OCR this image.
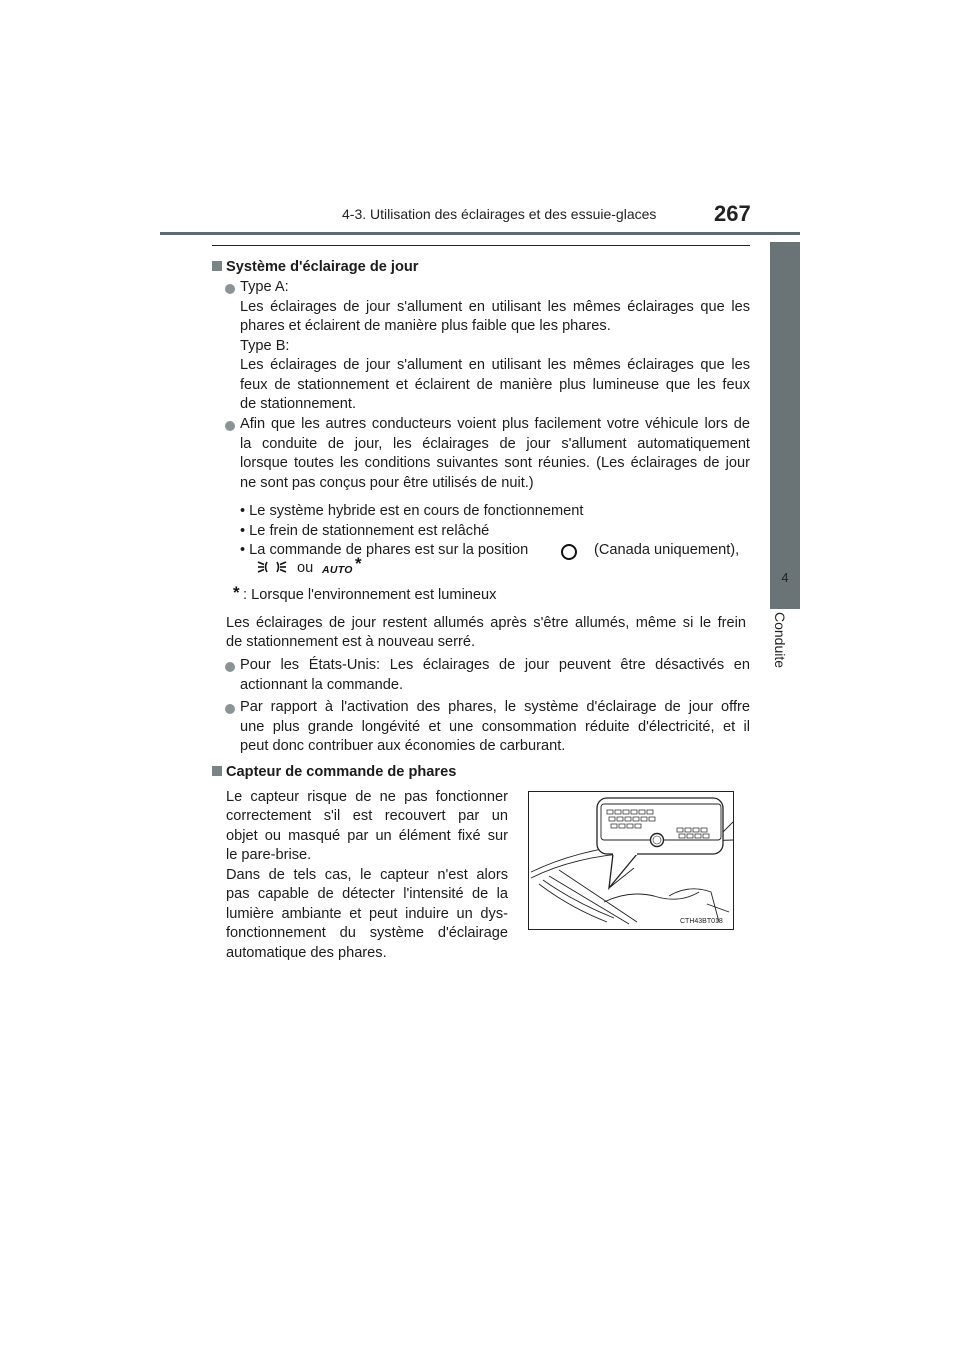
4-3. Utilisation des éclairages et des essuie-glaces	267
4
Conduite
Système d'éclairage de jour
Type A:
Les éclairages de jour s'allument en utilisant les mêmes éclairages que les
phares et éclairent de manière plus faible que les phares.
Type B:
Les éclairages de jour s'allument en utilisant les mêmes éclairages que les
feux de stationnement et éclairent de manière plus lumineuse que les feux
de stationnement.
Afin que les autres conducteurs voient plus facilement votre véhicule lors de
la conduite de jour, les éclairages de jour s'allument automatiquement
lorsque toutes les conditions suivantes sont réunies. (Les éclairages de jour
ne sont pas conçus pour être utilisés de nuit.)
• Le système hybride est en cours de fonctionnement
• Le frein de stationnement est relâché
• La commande de phares est sur la position	(Canada uniquement),
ou AUTO *
* : Lorsque l'environnement est lumineux
Les éclairages de jour restent allumés après s'être allumés, même si le frein
de stationnement est à nouveau serré.
Pour les États-Unis: Les éclairages de jour peuvent être désactivés en
actionnant la commande.
Par rapport à l'activation des phares, le système d'éclairage de jour offre
une plus grande longévité et une consommation réduite d'électricité, et il
peut donc contribuer aux économies de carburant.
Capteur de commande de phares
Le capteur risque de ne pas fonctionner
correctement s'il est recouvert par un
objet ou masqué par un élément fixé sur
le pare-brise.
Dans de tels cas, le capteur n'est alors
pas capable de détecter l'intensité de la
lumière ambiante et peut induire un dys-
fonctionnement du système d'éclairage
automatique des phares.
CTH43BT018
